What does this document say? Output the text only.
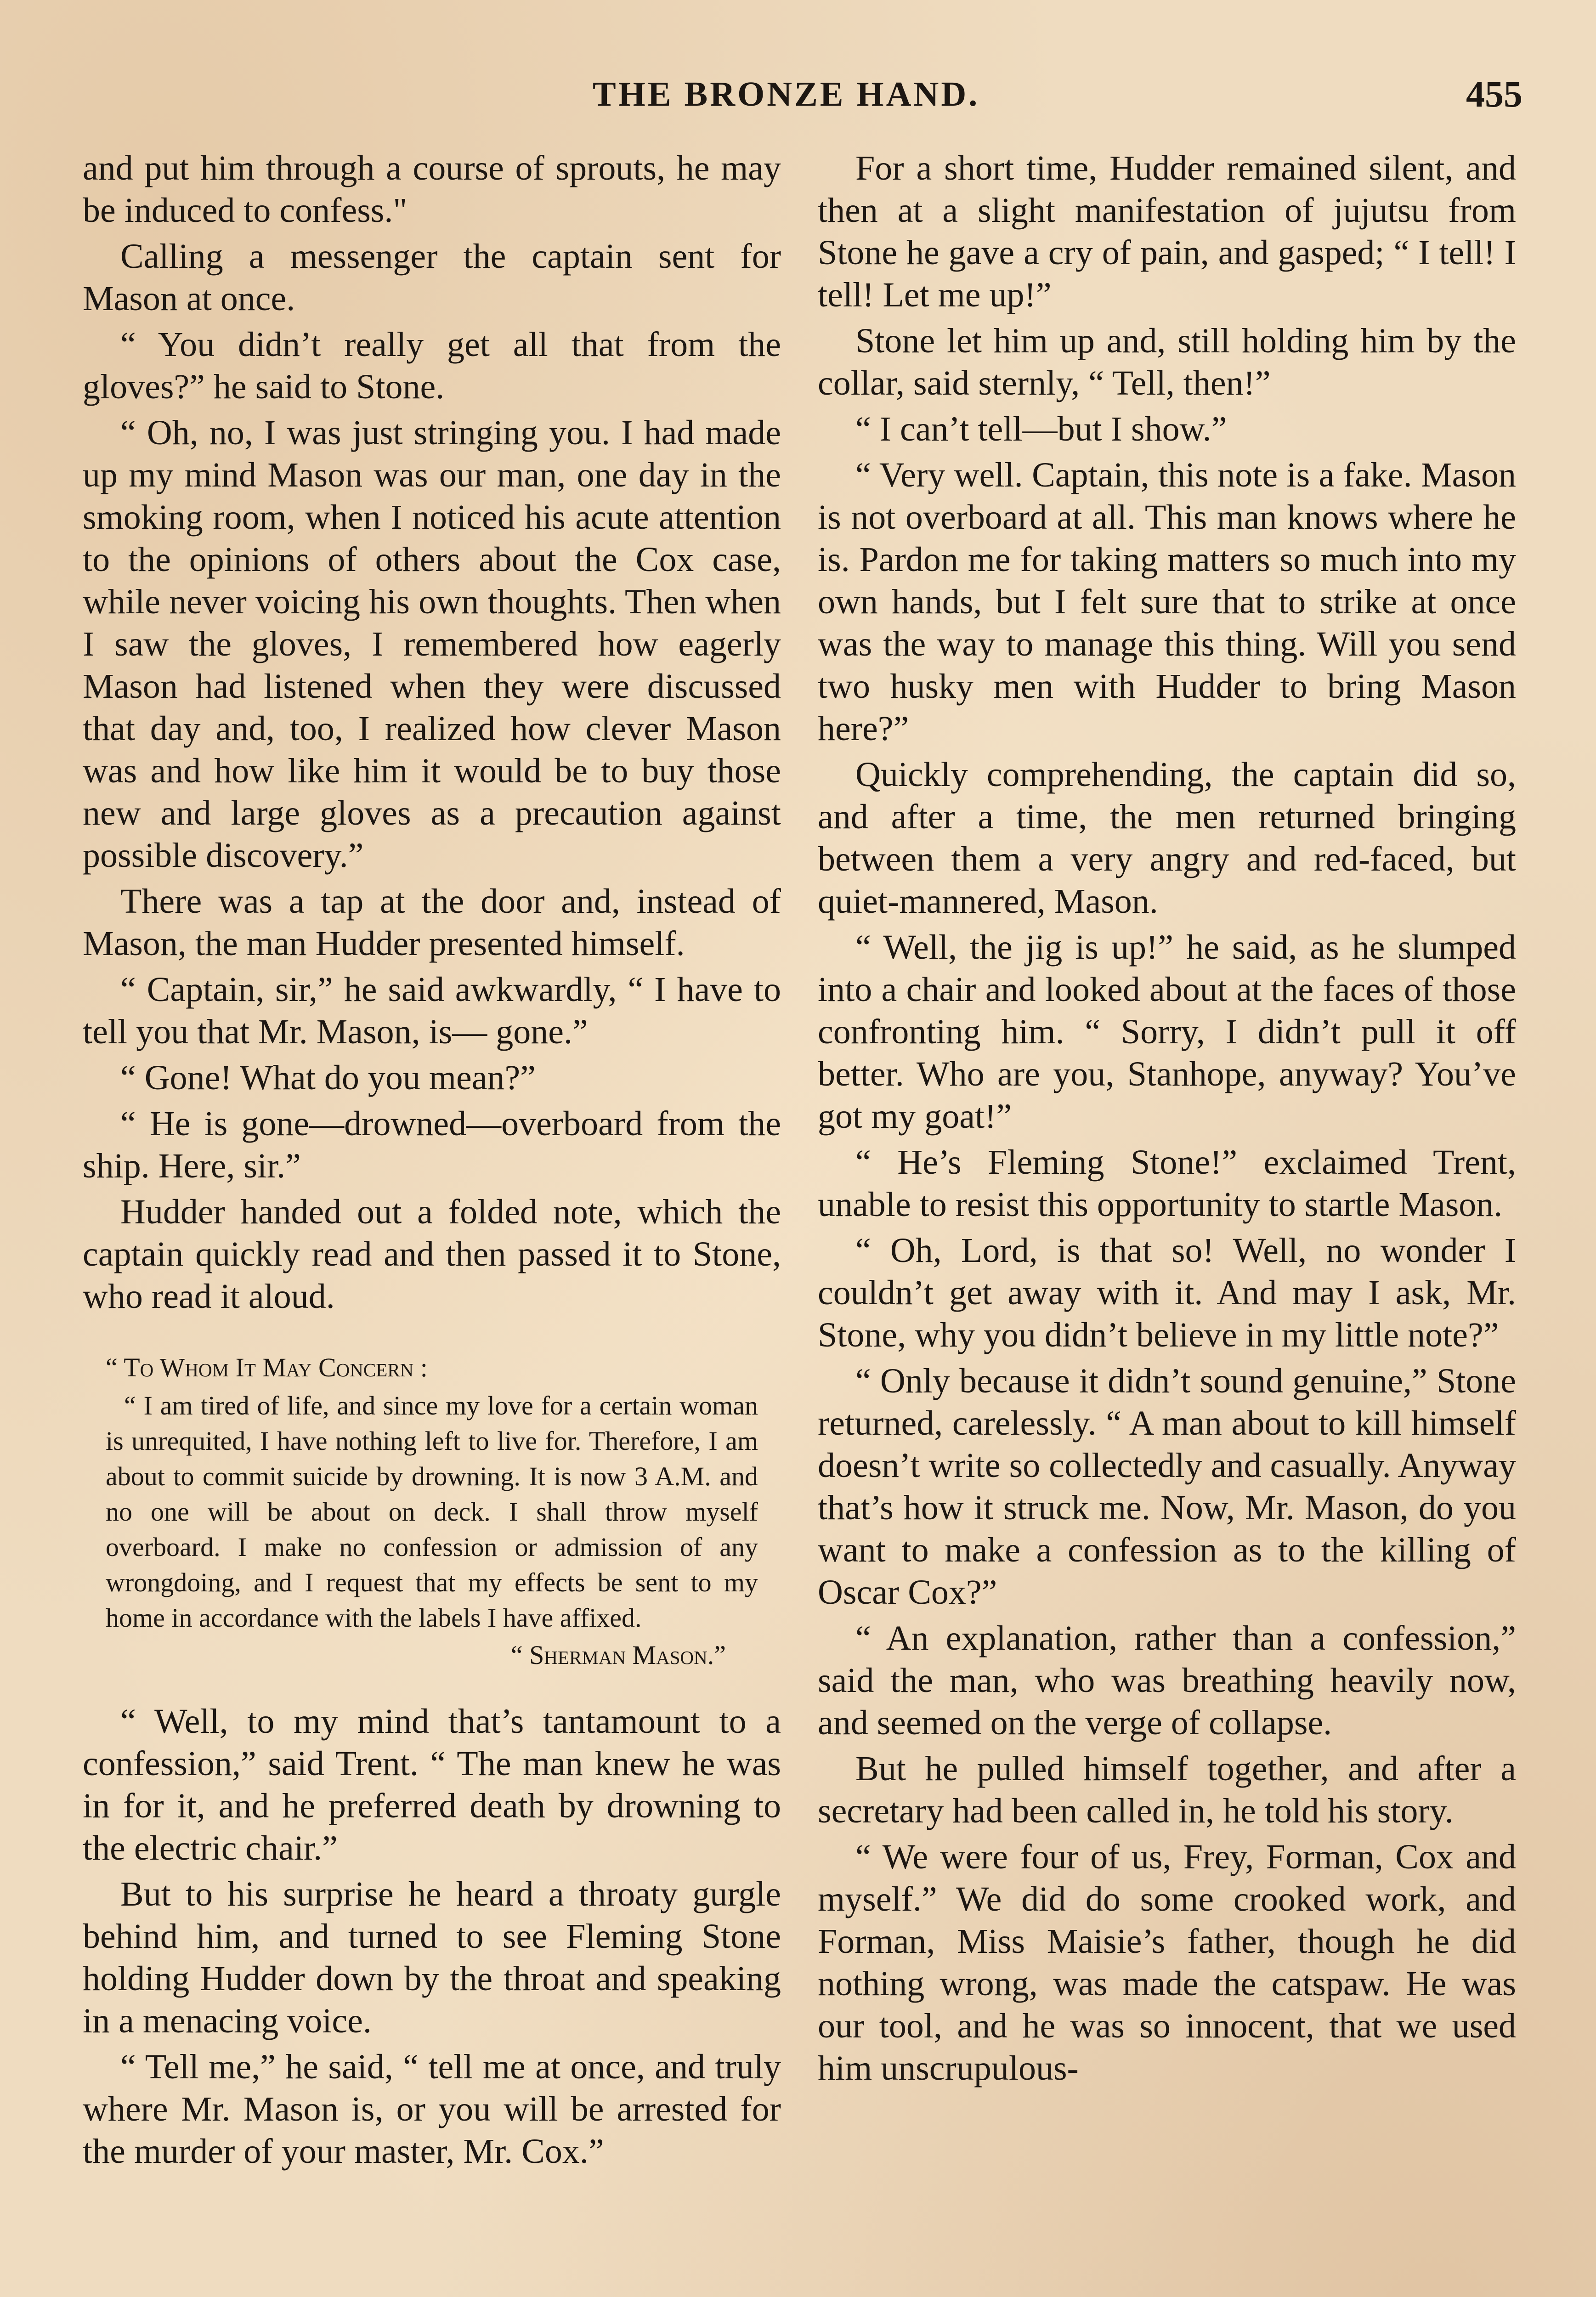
THE BRONZE HAND.	455

and put him through a course of sprouts, he may be induced to confess."

Calling a messenger the captain sent for Mason at once.

“ You didn’t really get all that from the gloves?” he said to Stone.

“ Oh, no, I was just stringing you. I had made up my mind Mason was our man, one day in the smoking room, when I noticed his acute attention to the opinions of others about the Cox case, while never voicing his own thoughts. Then when I saw the gloves, I remembered how eagerly Mason had listened when they were discussed that day and, too, I realized how clever Mason was and how like him it would be to buy those new and large gloves as a precaution against possible discovery.”

There was a tap at the door and, instead of Mason, the man Hudder presented himself.

“ Captain, sir,” he said awkwardly, “ I have to tell you that Mr. Mason, is— gone.”

“ Gone! What do you mean?”

“ He is gone—drowned—overboard from the ship. Here, sir.”

Hudder handed out a folded note, which the captain quickly read and then passed it to Stone, who read it aloud.

“ To Whom It May Concern :

“ I am tired of life, and since my love for a certain woman is unrequited, I have nothing left to live for. Therefore, I am about to commit suicide by drowning. It is now 3 A.M. and no one will be about on deck. I shall throw myself overboard. I make no confession or admission of any wrongdoing, and I request that my effects be sent to my home in accordance with the labels I have affixed.

“ Sherman Mason.”

“ Well, to my mind that’s tantamount to a confession,” said Trent. “ The man knew he was in for it, and he preferred death by drowning to the electric chair.”

But to his surprise he heard a throaty gurgle behind him, and turned to see Fleming Stone holding Hudder down by the throat and speaking in a menacing voice.

“ Tell me,” he said, “ tell me at once, and truly where Mr. Mason is, or you will be arrested for the murder of your master, Mr. Cox.”

For a short time, Hudder remained silent, and then at a slight manifestation of jujutsu from Stone he gave a cry of pain, and gasped; “ I tell! I tell! Let me up!”

Stone let him up and, still holding him by the collar, said sternly, “ Tell, then!”

“ I can’t tell—but I show.”

“ Very well. Captain, this note is a fake. Mason is not overboard at all. This man knows where he is. Pardon me for taking matters so much into my own hands, but I felt sure that to strike at once was the way to manage this thing. Will you send two husky men with Hudder to bring Mason here?”

Quickly comprehending, the captain did so, and after a time, the men returned bringing between them a very angry and red-faced, but quiet-mannered, Mason.

“ Well, the jig is up!” he said, as he slumped into a chair and looked about at the faces of those confronting him. “ Sorry, I didn’t pull it off better. Who are you, Stanhope, anyway? You’ve got my goat!”

“ He’s Fleming Stone!” exclaimed Trent, unable to resist this opportunity to startle Mason.

“ Oh, Lord, is that so! Well, no wonder I couldn’t get away with it. And may I ask, Mr. Stone, why you didn’t believe in my little note?”

“ Only because it didn’t sound genuine,” Stone returned, carelessly. “ A man about to kill himself doesn’t write so collectedly and casually. Anyway that’s how it struck me. Now, Mr. Mason, do you want to make a confession as to the killing of Oscar Cox?”

“ An explanation, rather than a confession,” said the man, who was breathing heavily now, and seemed on the verge of collapse.

But he pulled himself together, and after a secretary had been called in, he told his story.

“ We were four of us, Frey, Forman, Cox and myself.” We did do some crooked work, and Forman, Miss Maisie’s father, though he did nothing wrong, was made the catspaw. He was our tool, and he was so innocent, that we used him unscrupulous-
